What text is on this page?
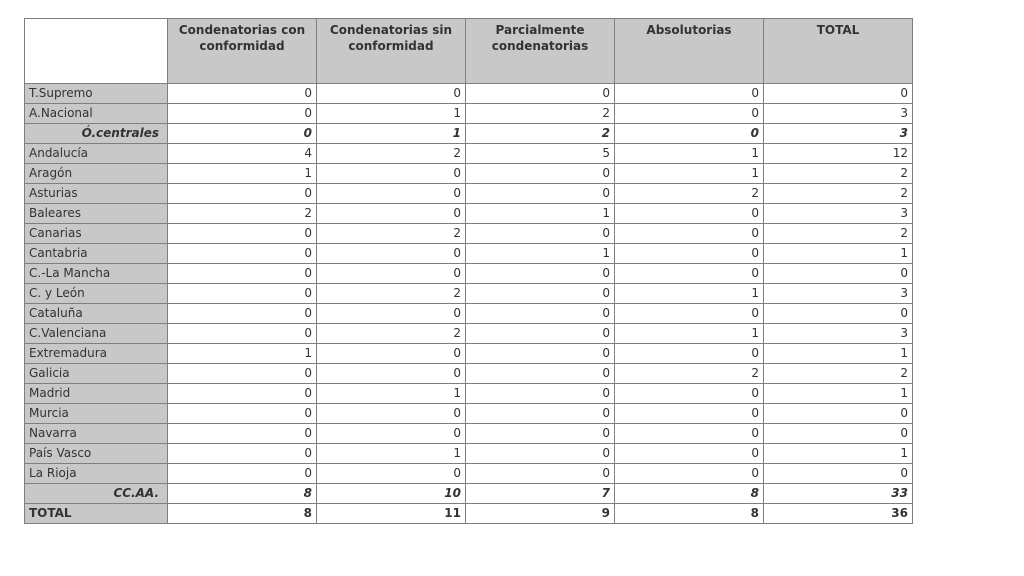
	Condenatorias con conformidad	Condenatorias sin conformidad	Parcialmente condenatorias	Absolutorias	TOTAL
T.Supremo	0	0	0	0	0
A.Nacional	0	1	2	0	3
Ó.centrales	0	1	2	0	3
Andalucía	4	2	5	1	12
Aragón	1	0	0	1	2
Asturias	0	0	0	2	2
Baleares	2	0	1	0	3
Canarias	0	2	0	0	2
Cantabria	0	0	1	0	1
C.-La Mancha	0	0	0	0	0
C. y León	0	2	0	1	3
Cataluña	0	0	0	0	0
C.Valenciana	0	2	0	1	3
Extremadura	1	0	0	0	1
Galicia	0	0	0	2	2
Madrid	0	1	0	0	1
Murcia	0	0	0	0	0
Navarra	0	0	0	0	0
País Vasco	0	1	0	0	1
La Rioja	0	0	0	0	0
CC.AA.	8	10	7	8	33
TOTAL	8	11	9	8	36
